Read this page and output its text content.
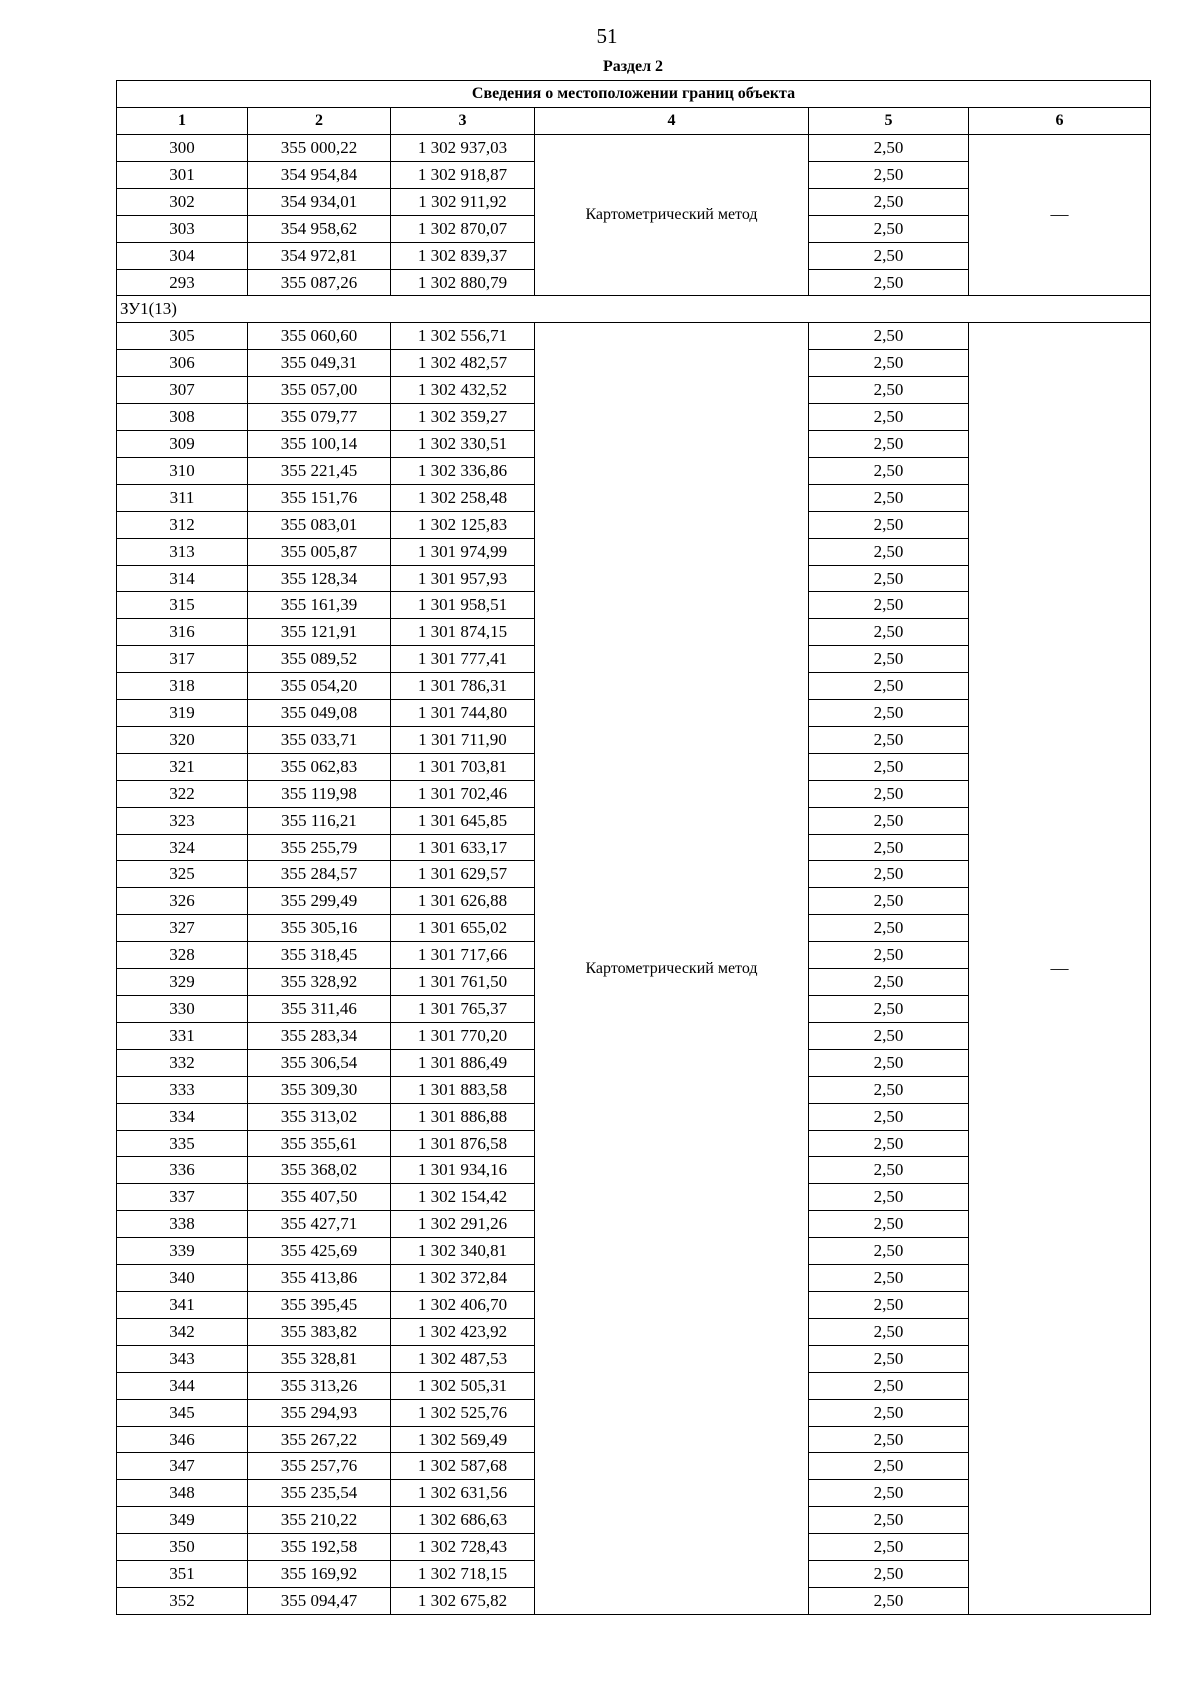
51
Раздел 2
Сведения о местоположении границ объекта					
1	2	3	4	5	6
300	355 000,22	1 302 937,03	Картометрический метод	2,50	—
301	354 954,84	1 302 918,87		2,50	
302	354 934,01	1 302 911,92		2,50	
303	354 958,62	1 302 870,07		2,50	
304	354 972,81	1 302 839,37		2,50	
293	355 087,26	1 302 880,79		2,50	
ЗУ1(13)					
305	355 060,60	1 302 556,71	Картометрический метод	2,50	—
306	355 049,31	1 302 482,57		2,50	
307	355 057,00	1 302 432,52		2,50	
308	355 079,77	1 302 359,27		2,50	
309	355 100,14	1 302 330,51		2,50	
310	355 221,45	1 302 336,86		2,50	
311	355 151,76	1 302 258,48		2,50	
312	355 083,01	1 302 125,83		2,50	
313	355 005,87	1 301 974,99		2,50	
314	355 128,34	1 301 957,93		2,50	
315	355 161,39	1 301 958,51		2,50	
316	355 121,91	1 301 874,15		2,50	
317	355 089,52	1 301 777,41		2,50	
318	355 054,20	1 301 786,31		2,50	
319	355 049,08	1 301 744,80		2,50	
320	355 033,71	1 301 711,90		2,50	
321	355 062,83	1 301 703,81		2,50	
322	355 119,98	1 301 702,46		2,50	
323	355 116,21	1 301 645,85		2,50	
324	355 255,79	1 301 633,17		2,50	
325	355 284,57	1 301 629,57		2,50	
326	355 299,49	1 301 626,88		2,50	
327	355 305,16	1 301 655,02		2,50	
328	355 318,45	1 301 717,66		2,50	
329	355 328,92	1 301 761,50		2,50	
330	355 311,46	1 301 765,37		2,50	
331	355 283,34	1 301 770,20		2,50	
332	355 306,54	1 301 886,49		2,50	
333	355 309,30	1 301 883,58		2,50	
334	355 313,02	1 301 886,88		2,50	
335	355 355,61	1 301 876,58		2,50	
336	355 368,02	1 301 934,16		2,50	
337	355 407,50	1 302 154,42		2,50	
338	355 427,71	1 302 291,26		2,50	
339	355 425,69	1 302 340,81		2,50	
340	355 413,86	1 302 372,84		2,50	
341	355 395,45	1 302 406,70		2,50	
342	355 383,82	1 302 423,92		2,50	
343	355 328,81	1 302 487,53		2,50	
344	355 313,26	1 302 505,31		2,50	
345	355 294,93	1 302 525,76		2,50	
346	355 267,22	1 302 569,49		2,50	
347	355 257,76	1 302 587,68		2,50	
348	355 235,54	1 302 631,56		2,50	
349	355 210,22	1 302 686,63		2,50	
350	355 192,58	1 302 728,43		2,50	
351	355 169,92	1 302 718,15		2,50	
352	355 094,47	1 302 675,82		2,50	
